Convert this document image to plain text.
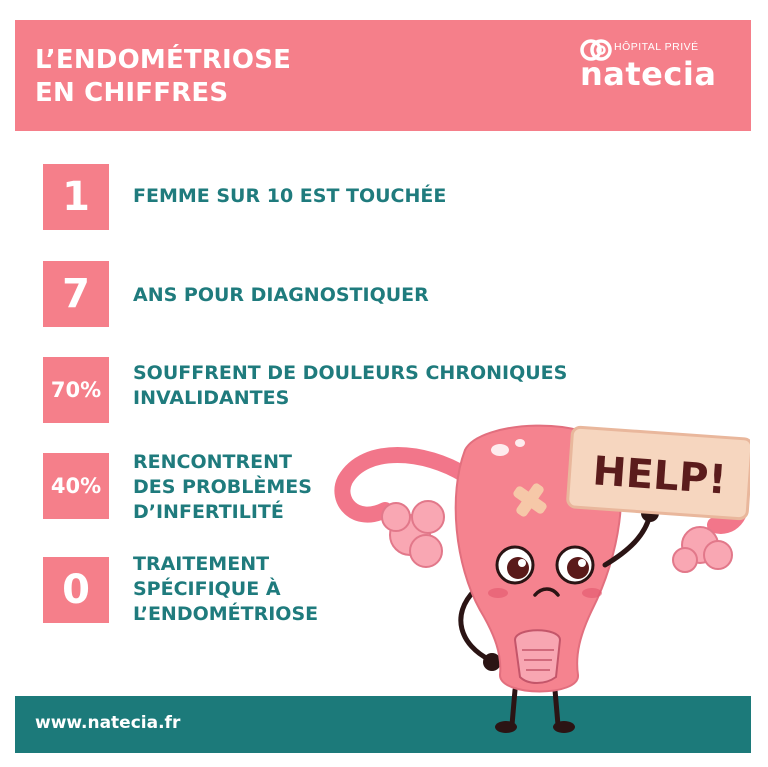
L’ENDOMÉTRIOSE
EN CHIFFRES
HÔPITAL PRIVÉ
natecia
1	FEMME SUR 10 EST TOUCHÉE
7	ANS POUR DIAGNOSTIQUER
70%
SOUFFRENT DE DOULEURS CHRONIQUES
INVALIDANTES
40%
RENCONTRENT
DES PROBLÈMES
D’INFERTILITÉ
0
TRAITEMENT
SPÉCIFIQUE À
L’ENDOMÉTRIOSE
www.natecia.fr
HELP!
